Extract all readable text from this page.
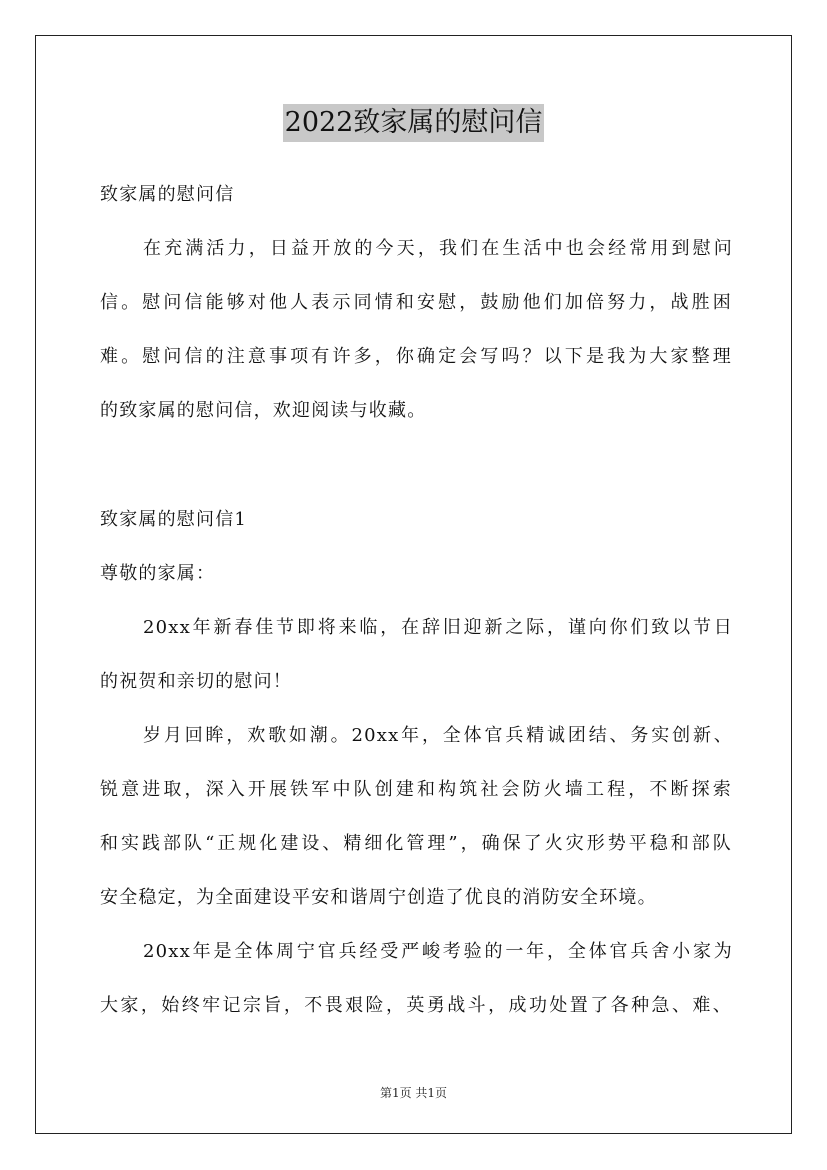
2022致家属的慰问信
致家属的慰问信
在充满活力，日益开放的今天，我们在生活中也会经常用到慰问
信。慰问信能够对他人表示同情和安慰，鼓励他们加倍努力，战胜困
难。慰问信的注意事项有许多，你确定会写吗？以下是我为大家整理
的致家属的慰问信，欢迎阅读与收藏。
致家属的慰问信1
尊敬的家属：
20xx年新春佳节即将来临，在辞旧迎新之际，谨向你们致以节日
的祝贺和亲切的慰问！
岁月回眸，欢歌如潮。20xx年，全体官兵精诚团结、务实创新、
锐意进取，深入开展铁军中队创建和构筑社会防火墙工程，不断探索
和实践部队“正规化建设、精细化管理”，确保了火灾形势平稳和部队
安全稳定，为全面建设平安和谐周宁创造了优良的消防安全环境。
20xx年是全体周宁官兵经受严峻考验的一年，全体官兵舍小家为
大家，始终牢记宗旨，不畏艰险，英勇战斗，成功处置了各种急、难、
第1页 共1页
